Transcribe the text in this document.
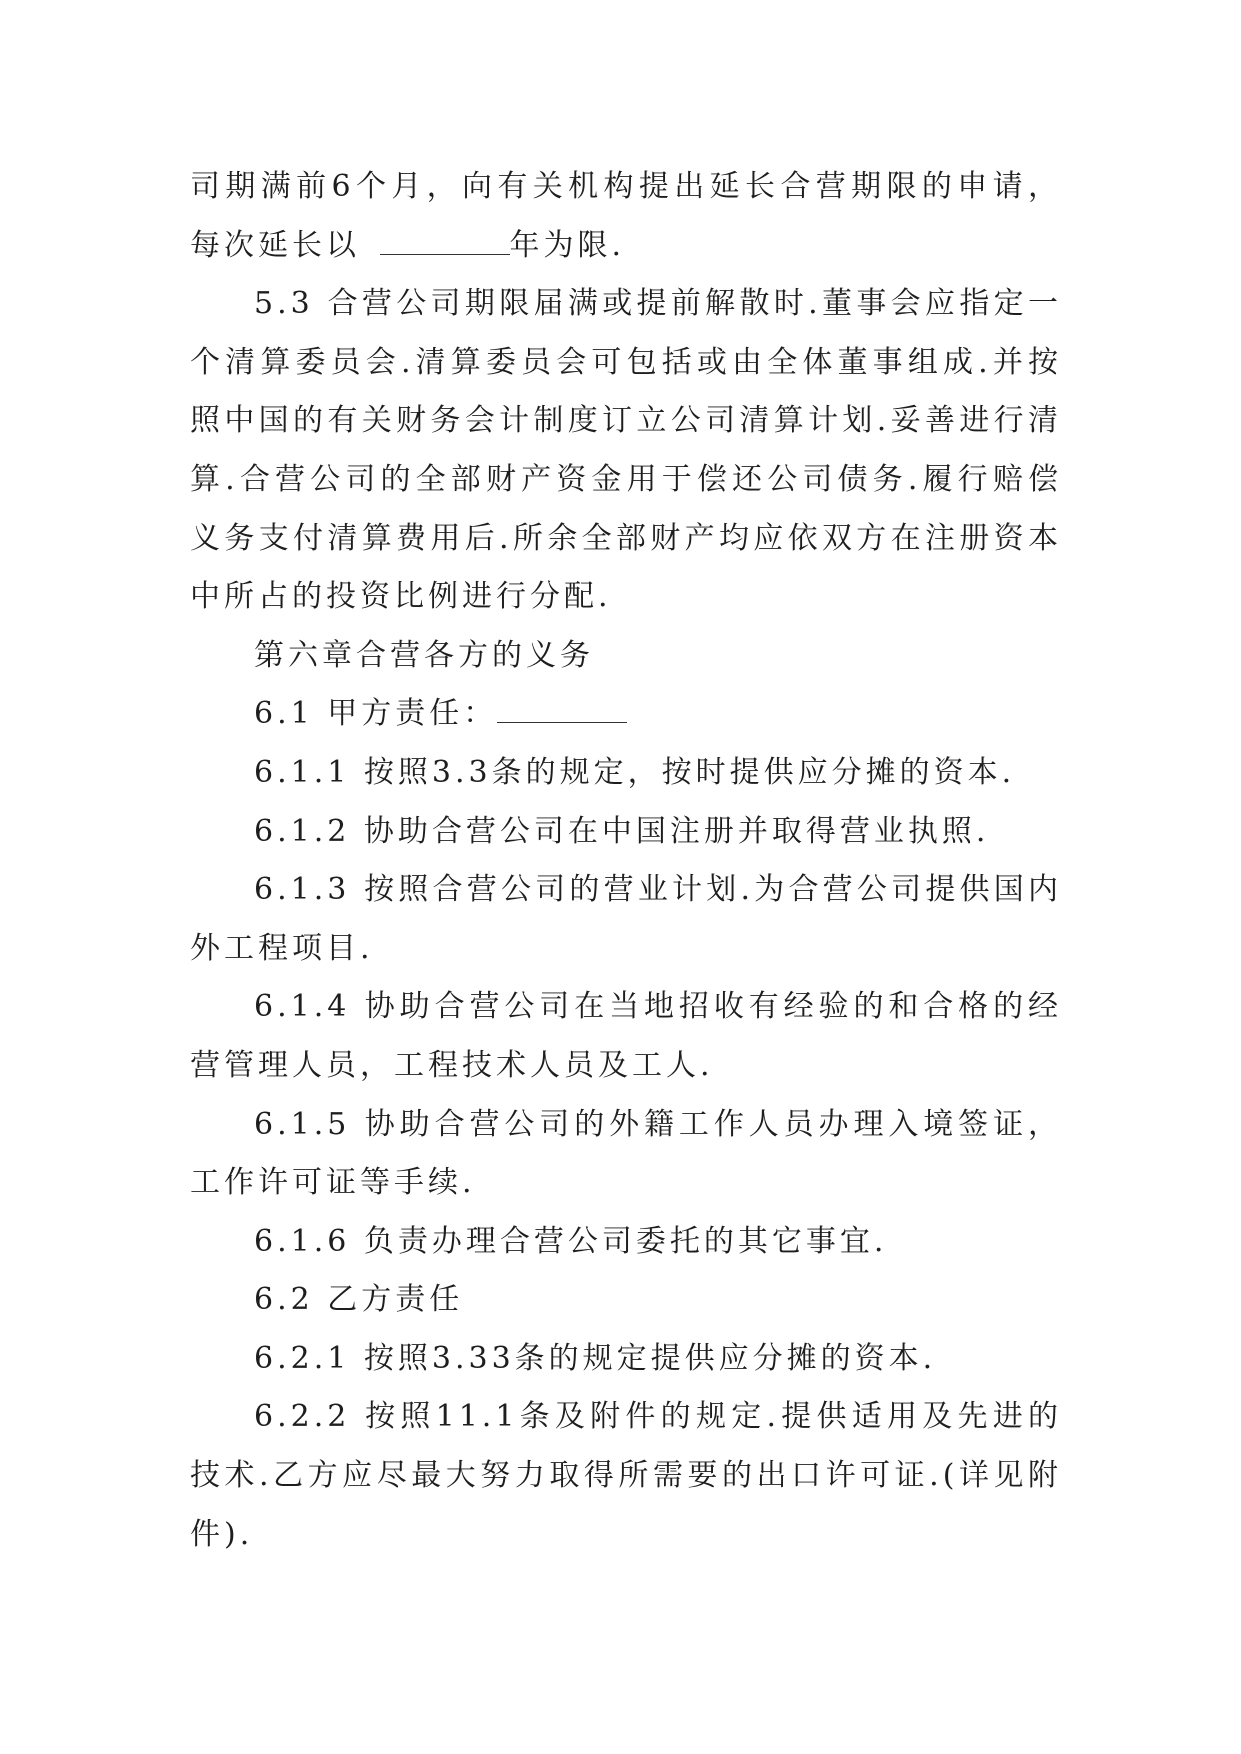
司期满前6个月，向有关机构提出延长合营期限的申请，每次延长以	年为限.

5.3 合营公司期限届满或提前解散时.董事会应指定一个清算委员会.清算委员会可包括或由全体董事组成.并按照中国的有关财务会计制度订立公司清算计划.妥善进行清算.合营公司的全部财产资金用于偿还公司债务.履行赔偿义务支付清算费用后.所余全部财产均应依双方在注册资本中所占的投资比例进行分配.

第六章合营各方的义务

6.1 甲方责任：

6.1.1 按照3.3条的规定，按时提供应分摊的资本.

6.1.2 协助合营公司在中国注册并取得营业执照.

6.1.3 按照合营公司的营业计划.为合营公司提供国内外工程项目.

6.1.4 协助合营公司在当地招收有经验的和合格的经营管理人员，工程技术人员及工人.

6.1.5 协助合营公司的外籍工作人员办理入境签证，工作许可证等手续.

6.1.6 负责办理合营公司委托的其它事宜.

6.2 乙方责任

6.2.1 按照3.33条的规定提供应分摊的资本.

6.2.2 按照11.1条及附件的规定.提供适用及先进的技术.乙方应尽最大努力取得所需要的出口许可证.(详见附件).
